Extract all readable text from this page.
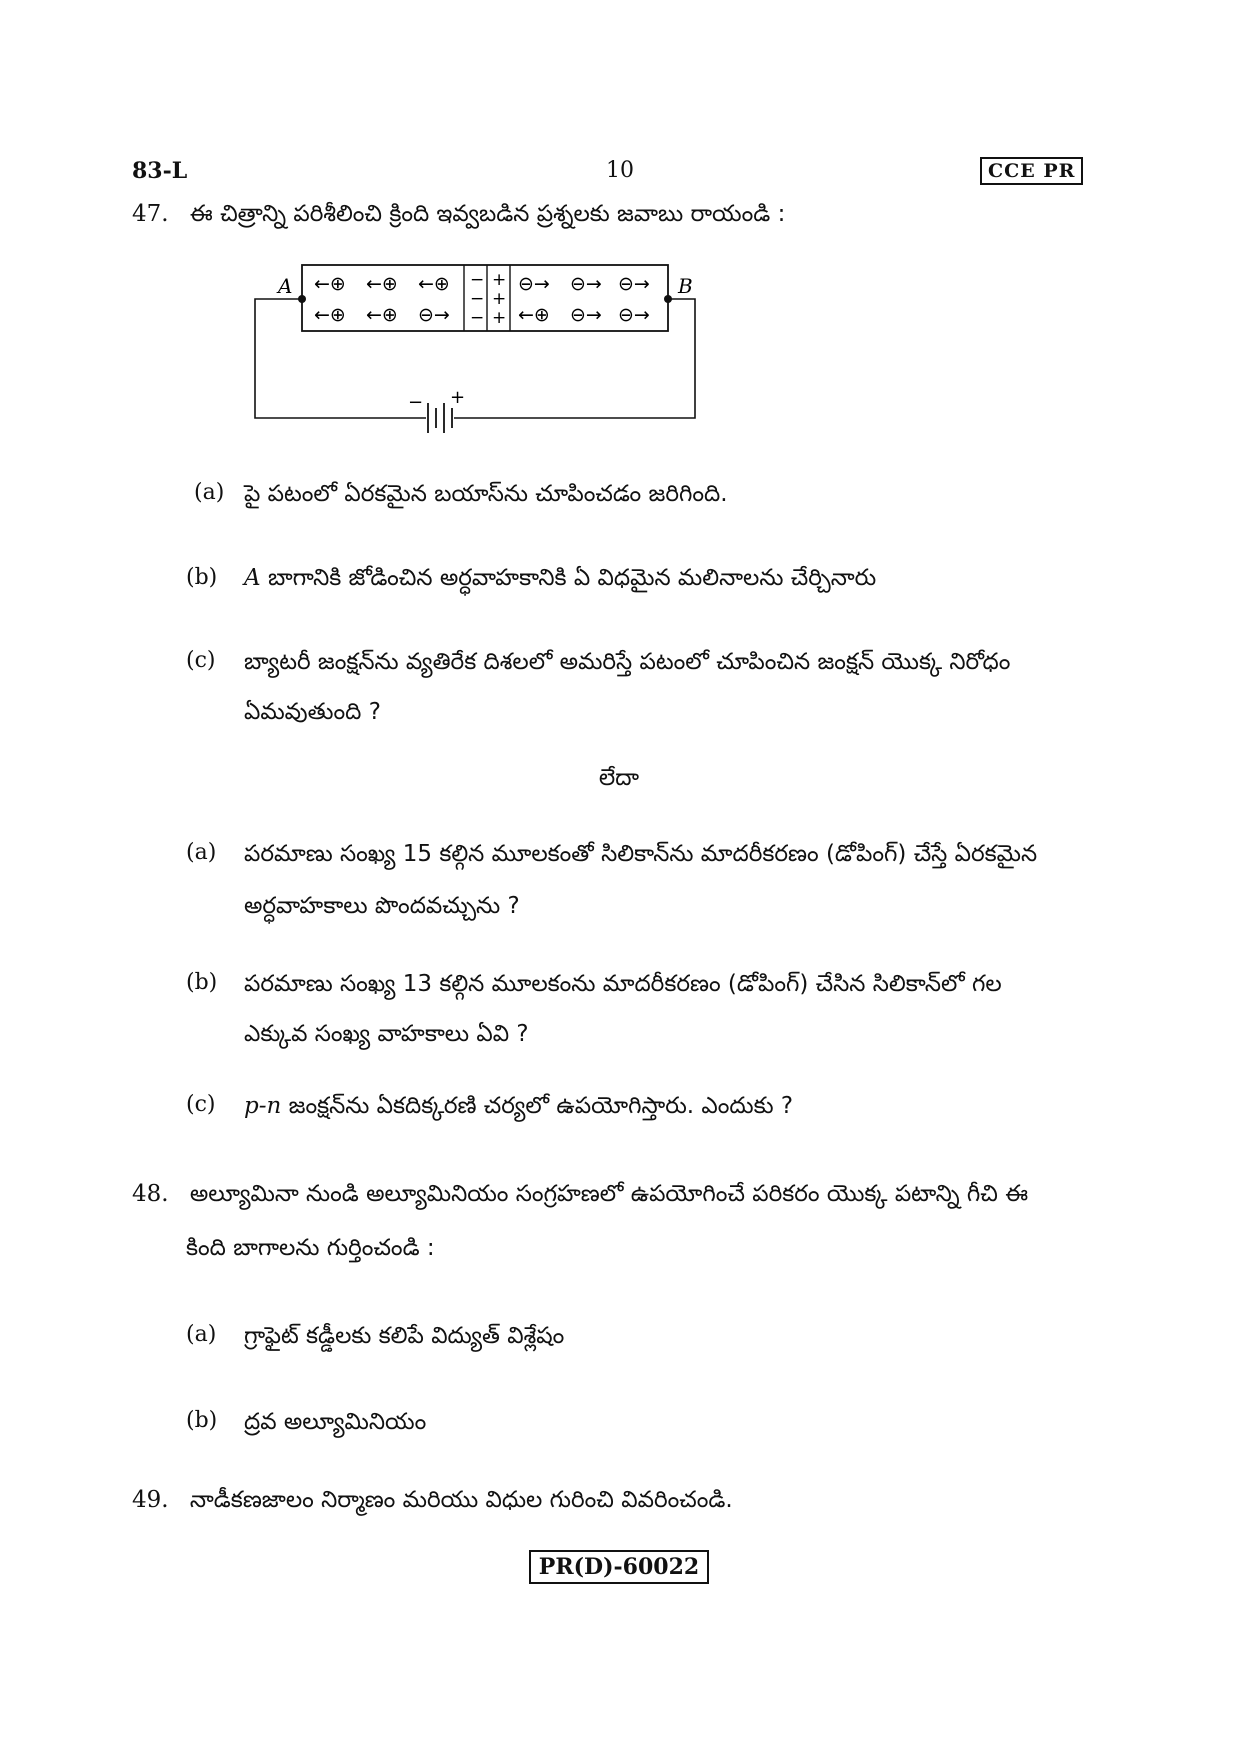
83-L	10	CCE PR
47. ఈ చిత్రాన్ని పరిశీలించి క్రింది ఇవ్వబడిన ప్రశ్నలకు జవాబు రాయండి :
A	B
←⊕ ←⊕ ←⊕
←⊕ ←⊕ ⊖→
−
−
−
+
+
+
⊖→ ⊖→ ⊖→
←⊕ ⊖→ ⊖→
− +
(a) పై పటంలో ఏరకమైన బయాస్‌ను చూపించడం జరిగింది.
(b) A బాగానికి జోడించిన అర్ధవాహకానికి ఏ విధమైన మలినాలను చేర్చినారు
(c) బ్యాటరీ జంక్షన్‌ను వ్యతిరేక దిశలలో అమరిస్తే పటంలో చూపించిన జంక్షన్ యొక్క నిరోధం
ఏమవుతుంది ?
లేదా
(a) పరమాణు సంఖ్య 15 కల్గిన మూలకంతో సిలికాన్‌ను మాదరీకరణం (డోపింగ్) చేస్తే ఏరకమైన
అర్ధవాహకాలు పొందవచ్చును ?
(b) పరమాణు సంఖ్య 13 కల్గిన మూలకంను మాదరీకరణం (డోపింగ్) చేసిన సిలికాన్‌లో గల
ఎక్కువ సంఖ్య వాహకాలు ఏవి ?
(c) p-n జంక్షన్‌ను ఏకదిక్కరణి చర్యలో ఉపయోగిస్తారు. ఎందుకు ?
48. అల్యూమినా నుండి అల్యూమినియం సంగ్రహణలో ఉపయోగించే పరికరం యొక్క పటాన్ని గీచి ఈ
కింది బాగాలను గుర్తించండి :
(a) గ్రాఫైట్ కడ్డీలకు కలిపే విద్యుత్ విశ్లేషం
(b) ద్రవ అల్యూమినియం
49. నాడీకణజాలం నిర్మాణం మరియు విధుల గురించి వివరించండి.
PR(D)-60022
